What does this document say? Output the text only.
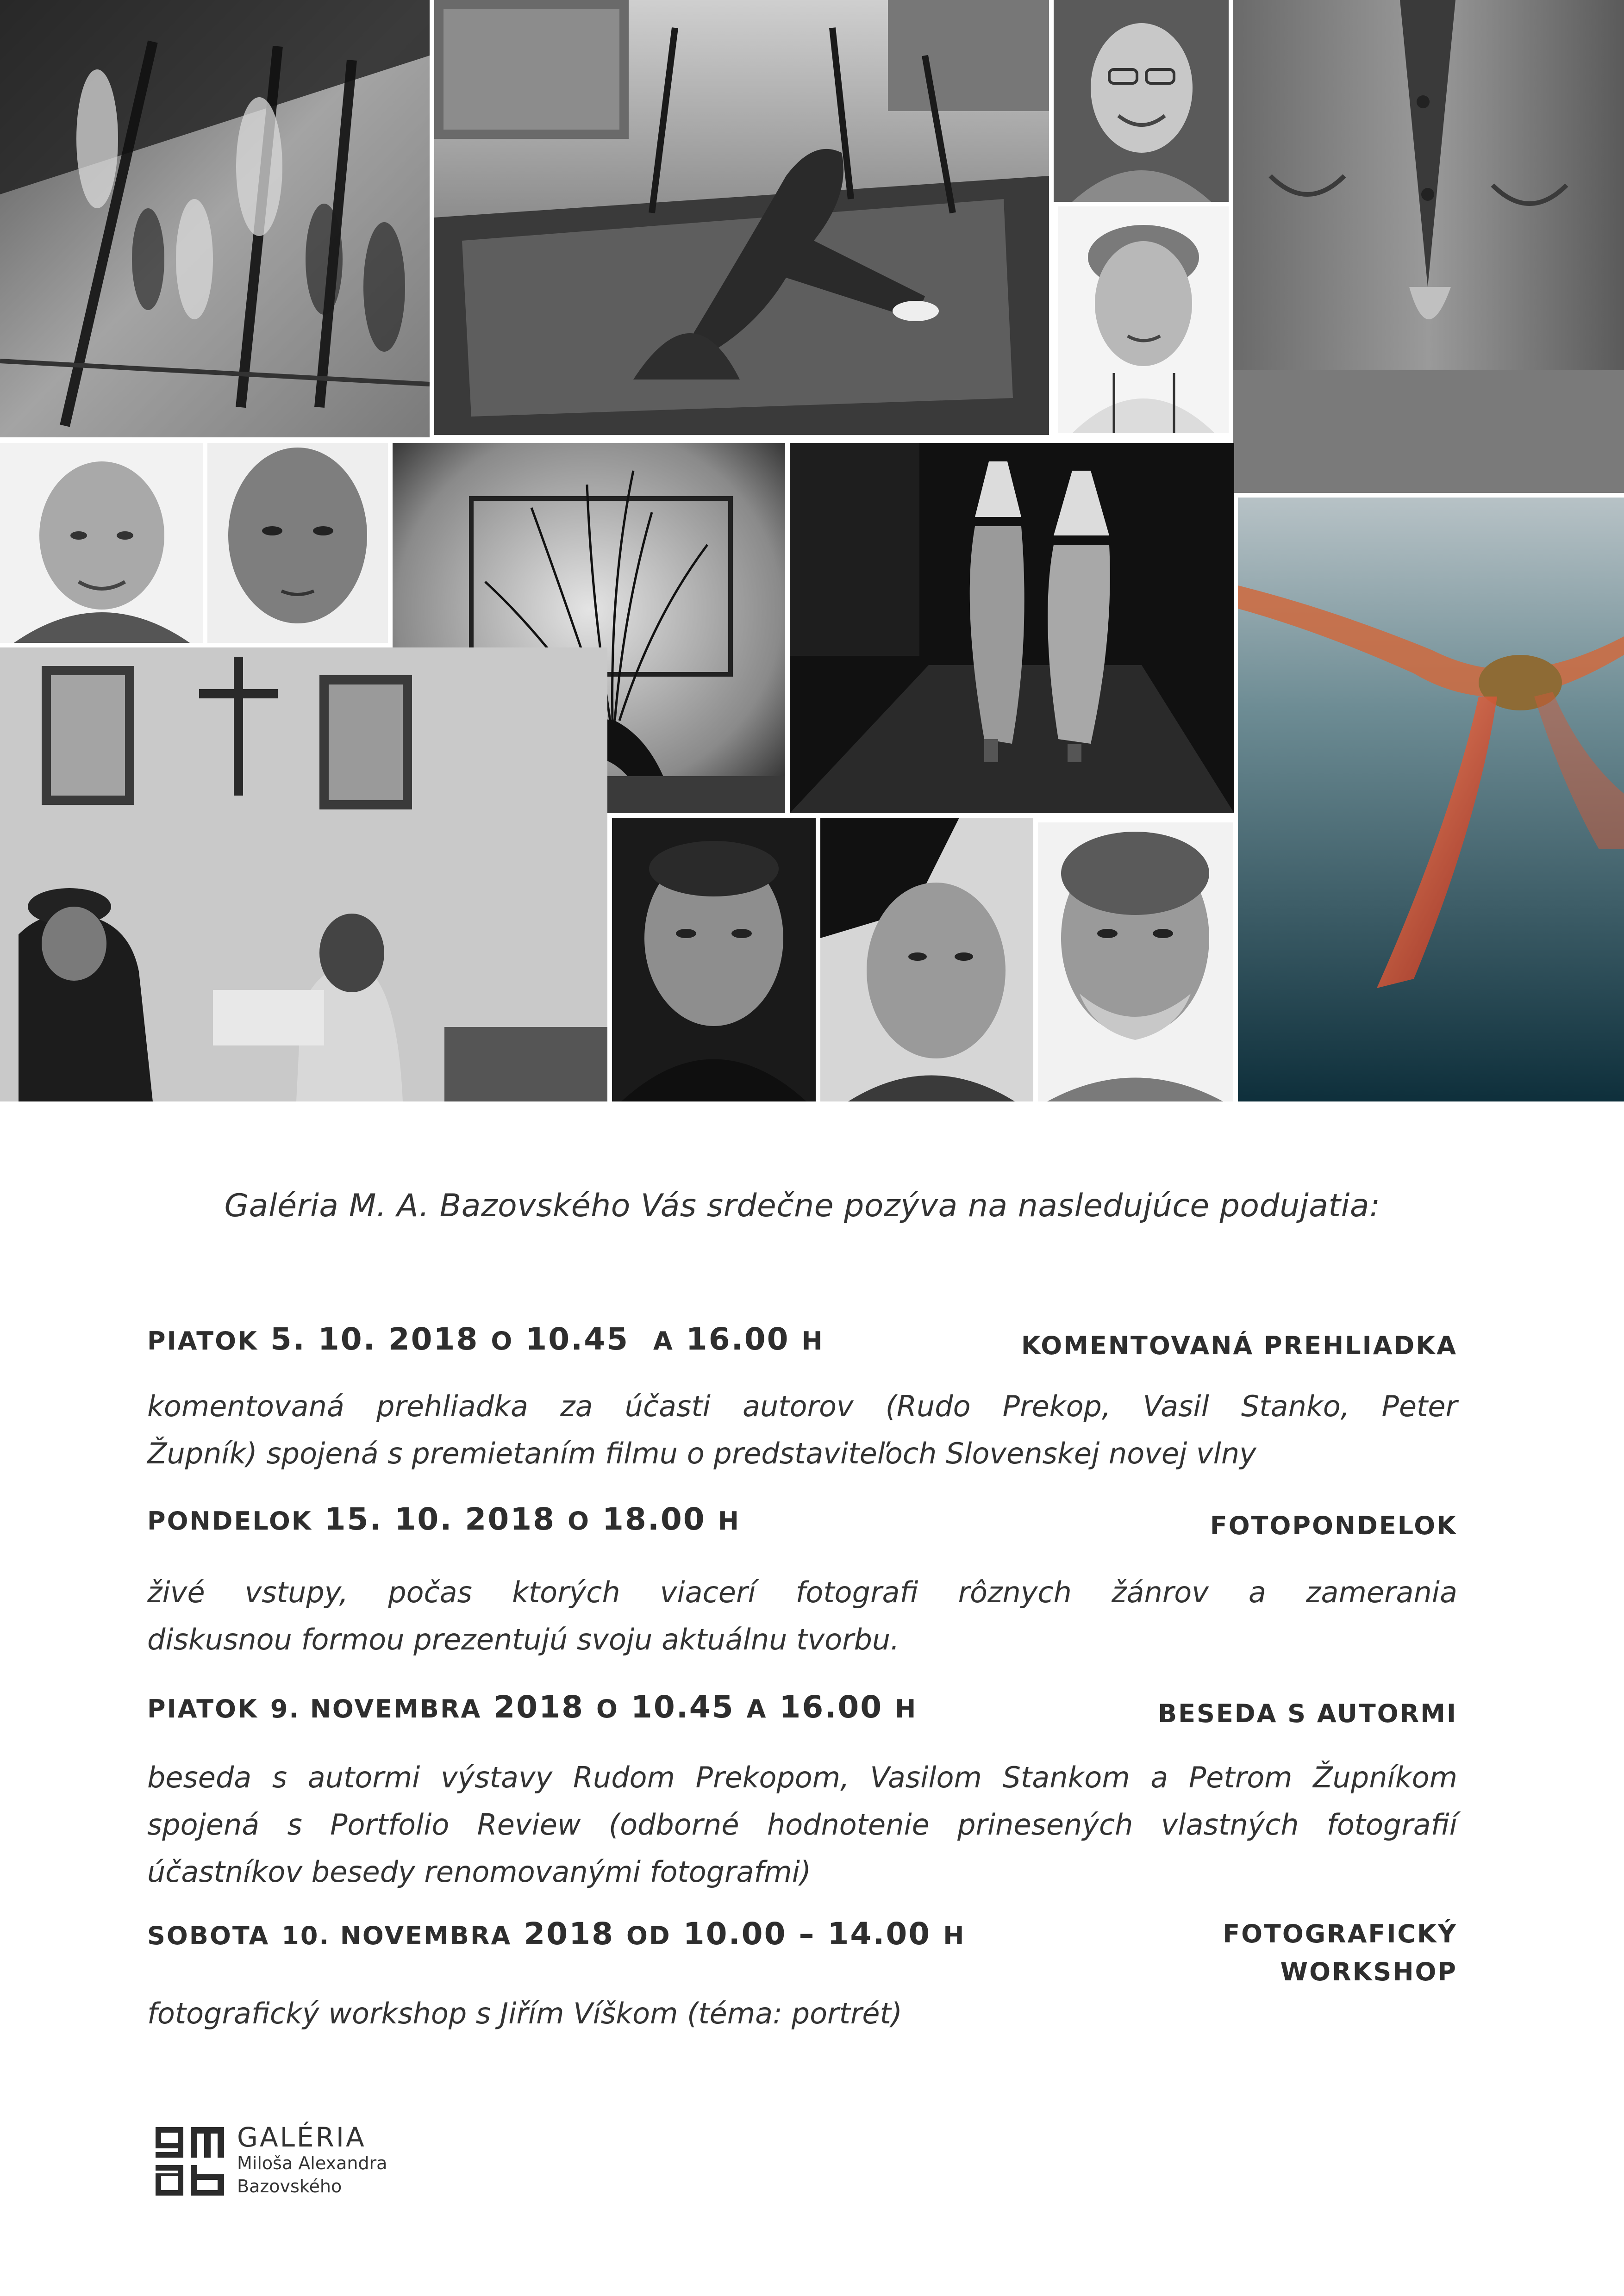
Galéria M. A. Bazovského Vás srdečne pozýva na nasledujúce podujatia:
PIATOK 5. 10. 2018 O 10.45 A 16.00 H	KOMENTOVANÁ PREHLIADKA
komentovaná prehliadka za účasti autorov (Rudo Prekop, Vasil Stanko, Peter
Župník) spojená s premietaním filmu o predstaviteľoch Slovenskej novej vlny
PONDELOK 15. 10. 2018 O 18.00 H	FOTOPONDELOK
živé vstupy, počas ktorých viacerí fotografi rôznych žánrov a zamerania
diskusnou formou prezentujú svoju aktuálnu tvorbu.
PIATOK 9. NOVEMBRA 2018 O 10.45 A 16.00 H	BESEDA S AUTORMI
beseda s autormi výstavy Rudom Prekopom, Vasilom Stankom a Petrom Župníkom
spojená s Portfolio Review (odborné hodnotenie prinesených vlastných fotografií
účastníkov besedy renomovanými fotografmi)
SOBOTA 10. NOVEMBRA 2018 OD 10.00 – 14.00 H	FOTOGRAFICKÝ
WORKSHOP
fotografický workshop s Jiřím Víškom (téma: portrét)
GALÉRIA
Miloša Alexandra
Bazovského
